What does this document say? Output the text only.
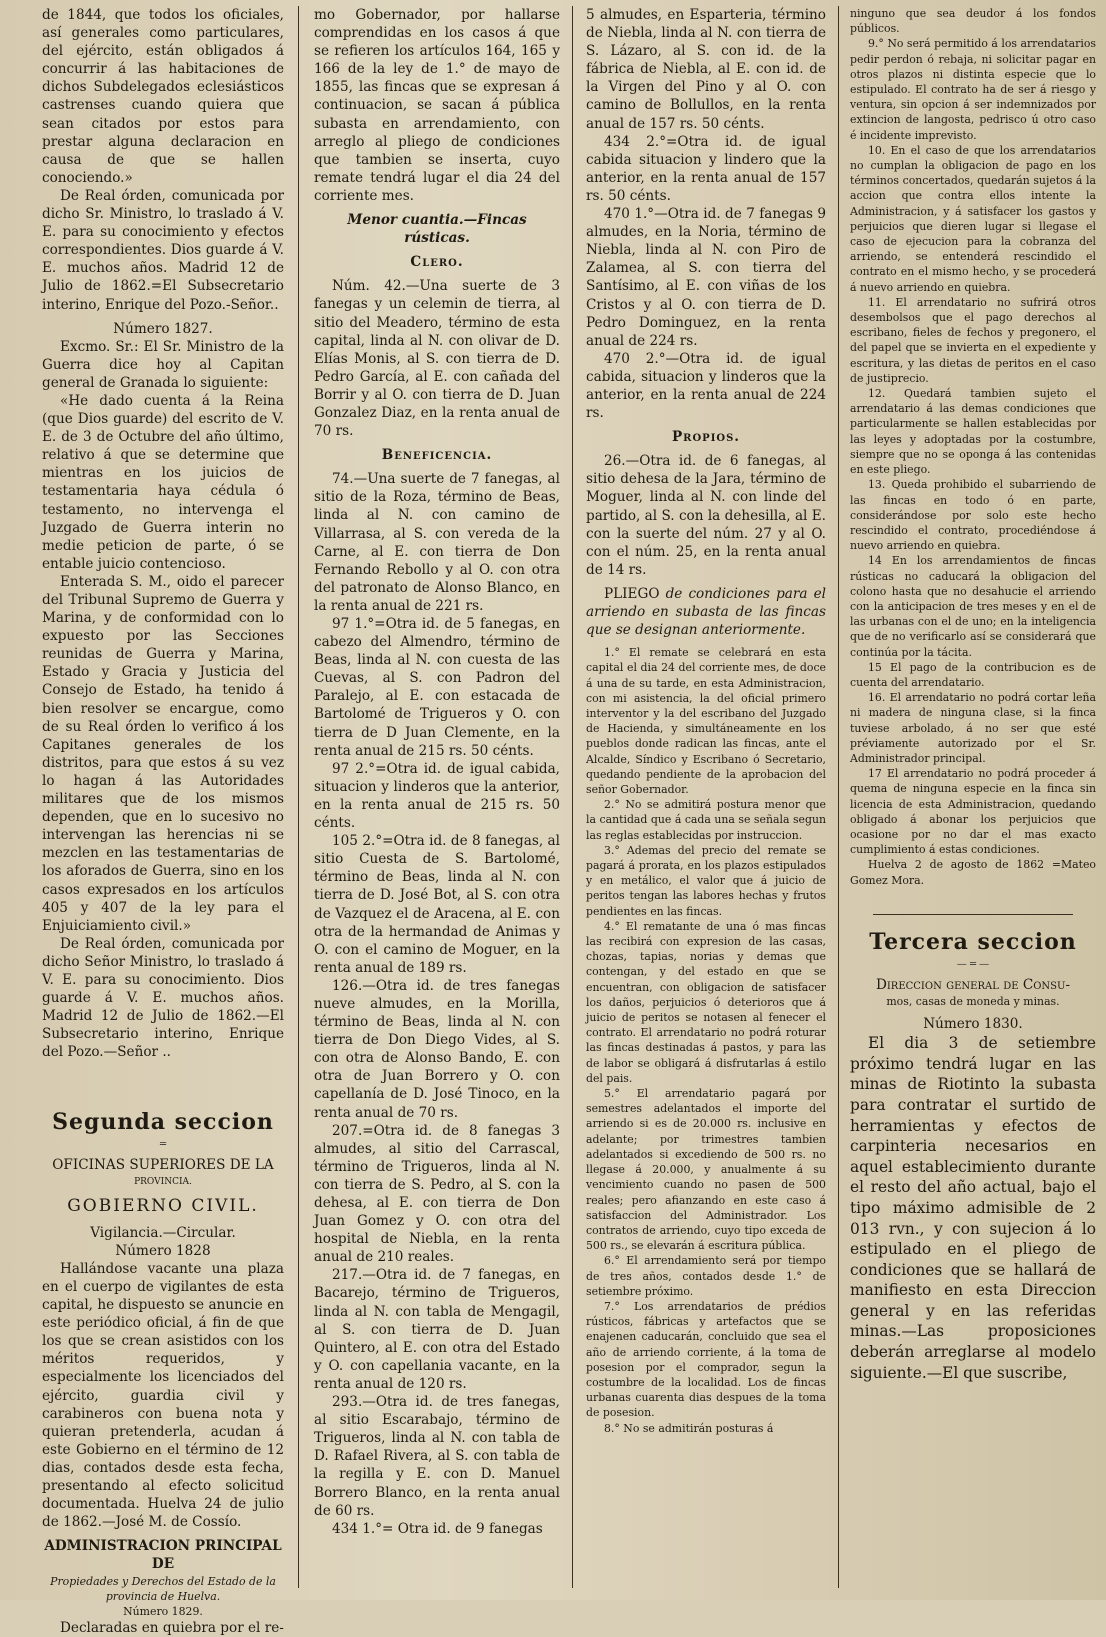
de 1844, que todos los oficiales, así generales como particulares, del ejército, están obligados á concurrir á las habitaciones de dichos Subdelegados eclesiásticos castrenses cuando quiera que sean citados por estos para prestar alguna declaracion en causa de que se hallen conociendo.»

De Real órden, comunicada por dicho Sr. Ministro, lo traslado á V. E. para su conocimiento y efectos correspondientes. Dios guarde á V. E. muchos años. Madrid 12 de Julio de 1862.=El Subsecretario interino, Enrique del Pozo.-Señor..

Número 1827.

Excmo. Sr.: El Sr. Ministro de la Guerra dice hoy al Capitan general de Granada lo siguiente:

«He dado cuenta á la Reina (que Dios guarde) del escrito de V. E. de 3 de Octubre del año último, relativo á que se determine que mientras en los juicios de testamentaria haya cédula ó testamento, no intervenga el Juzgado de Guerra interin no medie peticion de parte, ó se entable juicio contencioso.

Enterada S. M., oido el parecer del Tribunal Supremo de Guerra y Marina, y de conformidad con lo expuesto por las Secciones reunidas de Guerra y Marina, Estado y Gracia y Justicia del Consejo de Estado, ha tenido á bien resolver se encargue, como de su Real órden lo verifico á los Capitanes generales de los distritos, para que estos á su vez lo hagan á las Autoridades militares que de los mismos dependen, que en lo sucesivo no intervengan las herencias ni se mezclen en las testamentarias de los aforados de Guerra, sino en los casos expresados en los artículos 405 y 407 de la ley para el Enjuiciamiento civil.»

De Real órden, comunicada por dicho Señor Ministro, lo traslado á V. E. para su conocimiento. Dios guarde á V. E. muchos años. Madrid 12 de Julio de 1862.—El Subsecretario interino, Enrique del Pozo.—Señor ..

Segunda seccion
═

OFICINAS SUPERIORES DE LA

PROVINCIA.

GOBIERNO CIVIL.

Vigilancia.—Circular.

Número 1828

Hallándose vacante una plaza en el cuerpo de vigilantes de esta capital, he dispuesto se anuncie en este periódico oficial, á fin de que los que se crean asistidos con los méritos requeridos, y especialmente los licenciados del ejército, guardia civil y carabineros con buena nota y quieran pretenderla, acudan á este Gobierno en el término de 12 dias, contados desde esta fecha, presentando al efecto solicitud documentada. Huelva 24 de julio de 1862.—José M. de Cossío.

ADMINISTRACION PRINCIPAL DE

Propiedades y Derechos del Estado de la provincia de Huelva.

Número 1829.

Declaradas en quiebra por el re-

mo Gobernador, por hallarse comprendidas en los casos á que se refieren los artículos 164, 165 y 166 de la ley de 1.° de mayo de 1855, las fincas que se expresan á continuacion, se sacan á pública subasta en arrendamiento, con arreglo al pliego de condiciones que tambien se inserta, cuyo remate tendrá lugar el dia 24 del corriente mes.

Menor cuantia.—Fincas rústicas.

Clero.

Núm. 42.—Una suerte de 3 fanegas y un celemin de tierra, al sitio del Meadero, término de esta capital, linda al N. con olivar de D. Elías Monis, al S. con tierra de D. Pedro García, al E. con cañada del Borrir y al O. con tierra de D. Juan Gonzalez Diaz, en la renta anual de 70 rs.

Beneficencia.

74.—Una suerte de 7 fanegas, al sitio de la Roza, término de Beas, linda al N. con camino de Villarrasa, al S. con vereda de la Carne, al E. con tierra de Don Fernando Rebollo y al O. con otra del patronato de Alonso Blanco, en la renta anual de 221 rs.

97 1.°=Otra id. de 5 fanegas, en cabezo del Almendro, término de Beas, linda al N. con cuesta de las Cuevas, al S. con Padron del Paralejo, al E. con estacada de Bartolomé de Trigueros y O. con tierra de D Juan Clemente, en la renta anual de 215 rs. 50 cénts.

97 2.°=Otra id. de igual cabida, situacion y linderos que la anterior, en la renta anual de 215 rs. 50 cénts.

105 2.°=Otra id. de 8 fanegas, al sitio Cuesta de S. Bartolomé, término de Beas, linda al N. con tierra de D. José Bot, al S. con otra de Vazquez el de Aracena, al E. con otra de la hermandad de Animas y O. con el camino de Moguer, en la renta anual de 189 rs.

126.—Otra id. de tres fanegas nueve almudes, en la Morilla, término de Beas, linda al N. con tierra de Don Diego Vides, al S. con otra de Alonso Bando, E. con otra de Juan Borrero y O. con capellanía de D. José Tinoco, en la renta anual de 70 rs.

207.=Otra id. de 8 fanegas 3 almudes, al sitio del Carrascal, término de Trigueros, linda al N. con tierra de S. Pedro, al S. con la dehesa, al E. con tierra de Don Juan Gomez y O. con otra del hospital de Niebla, en la renta anual de 210 reales.

217.—Otra id. de 7 fanegas, en Bacarejo, término de Trigueros, linda al N. con tabla de Mengagil, al S. con tierra de D. Juan Quintero, al E. con otra del Estado y O. con capellania vacante, en la renta anual de 120 rs.

293.—Otra id. de tres fanegas, al sitio Escarabajo, término de Trigueros, linda al N. con tabla de D. Rafael Rivera, al S. con tabla de la regilla y E. con D. Manuel Borrero Blanco, en la renta anual de 60 rs.

434 1.°= Otra id. de 9 fanegas

5 almudes, en Esparteria, término de Niebla, linda al N. con tierra de S. Lázaro, al S. con id. de la fábrica de Niebla, al E. con id. de la Virgen del Pino y al O. con camino de Bollullos, en la renta anual de 157 rs. 50 cénts.

434 2.°=Otra id. de igual cabida situacion y lindero que la anterior, en la renta anual de 157 rs. 50 cénts.

470 1.°—Otra id. de 7 fanegas 9 almudes, en la Noria, término de Niebla, linda al N. con Piro de Zalamea, al S. con tierra del Santísimo, al E. con viñas de los Cristos y al O. con tierra de D. Pedro Dominguez, en la renta anual de 224 rs.

470 2.°—Otra id. de igual cabida, situacion y linderos que la anterior, en la renta anual de 224 rs.

Propios.

26.—Otra id. de 6 fanegas, al sitio dehesa de la Jara, término de Moguer, linda al N. con linde del partido, al S. con la dehesilla, al E. con la suerte del núm. 27 y al O. con el núm. 25, en la renta anual de 14 rs.

PLIEGO de condiciones para el arriendo en subasta de las fincas que se designan anteriormente.

1.° El remate se celebrará en esta capital el dia 24 del corriente mes, de doce á una de su tarde, en esta Administracion, con mi asistencia, la del oficial primero interventor y la del escribano del Juzgado de Hacienda, y simultáneamente en los pueblos donde radican las fincas, ante el Alcalde, Síndico y Escribano ó Secretario, quedando pendiente de la aprobacion del señor Gobernador.

2.° No se admitirá postura menor que la cantidad que á cada una se señala segun las reglas establecidas por instruccion.

3.° Ademas del precio del remate se pagará á prorata, en los plazos estipulados y en metálico, el valor que á juicio de peritos tengan las labores hechas y frutos pendientes en las fincas.

4.° El rematante de una ó mas fincas las recibirá con expresion de las casas, chozas, tapias, norias y demas que contengan, y del estado en que se encuentran, con obligacion de satisfacer los daños, perjuicios ó deterioros que á juicio de peritos se notasen al fenecer el contrato. El arrendatario no podrá roturar las fincas destinadas á pastos, y para las de labor se obligará á disfrutarlas á estilo del pais.

5.° El arrendatario pagará por semestres adelantados el importe del arriendo si es de 20.000 rs. inclusive en adelante; por trimestres tambien adelantados si excediendo de 500 rs. no llegase á 20.000, y anualmente á su vencimiento cuando no pasen de 500 reales; pero afianzando en este caso á satisfaccion del Administrador. Los contratos de arriendo, cuyo tipo exceda de 500 rs., se elevarán á escritura pública.

6.° El arrendamiento será por tiempo de tres años, contados desde 1.° de setiembre próximo.

7.° Los arrendatarios de prédios rústicos, fábricas y artefactos que se enajenen caducarán, concluido que sea el año de arriendo corriente, á la toma de posesion por el comprador, segun la costumbre de la localidad. Los de fincas urbanas cuarenta dias despues de la toma de posesion.

8.° No se admitirán posturas á

ninguno que sea deudor á los fondos públicos.

9.° No será permitido á los arrendatarios pedir perdon ó rebaja, ni solicitar pagar en otros plazos ni distinta especie que lo estipulado. El contrato ha de ser á riesgo y ventura, sin opcion á ser indemnizados por extincion de langosta, pedrisco ú otro caso é incidente imprevisto.

10. En el caso de que los arrendatarios no cumplan la obligacion de pago en los términos concertados, quedarán sujetos á la accion que contra ellos intente la Administracion, y á satisfacer los gastos y perjuicios que dieren lugar si llegase el caso de ejecucion para la cobranza del arriendo, se entenderá rescindido el contrato en el mismo hecho, y se procederá á nuevo arriendo en quiebra.

11. El arrendatario no sufrirá otros desembolsos que el pago derechos al escribano, fieles de fechos y pregonero, el del papel que se invierta en el expediente y escritura, y las dietas de peritos en el caso de justiprecio.

12. Quedará tambien sujeto el arrendatario á las demas condiciones que particularmente se hallen establecidas por las leyes y adoptadas por la costumbre, siempre que no se oponga á las contenidas en este pliego.

13. Queda prohibido el subarriendo de las fincas en todo ó en parte, considerándose por solo este hecho rescindido el contrato, procediéndose á nuevo arriendo en quiebra.

14 En los arrendamientos de fincas rústicas no caducará la obligacion del colono hasta que no desahucie el arriendo con la anticipacion de tres meses y en el de las urbanas con el de uno; en la inteligencia que de no verificarlo así se considerará que continúa por la tácita.

15 El pago de la contribucion es de cuenta del arrendatario.

16. El arrendatario no podrá cortar leña ni madera de ninguna clase, si la finca tuviese arbolado, á no ser que esté préviamente autorizado por el Sr. Administrador principal.

17 El arrendatario no podrá proceder á quema de ninguna especie en la finca sin licencia de esta Administracion, quedando obligado á abonar los perjuicios que ocasione por no dar el mas exacto cumplimiento á estas condiciones.

Huelva 2 de agosto de 1862 =Mateo Gomez Mora.

Tercera seccion
— ═ —

Direccion general de Consu-

mos, casas de moneda y minas.

Número 1830.

El dia 3 de setiembre próximo tendrá lugar en las minas de Riotinto la subasta para contratar el surtido de herramientas y efectos de carpinteria necesarios en aquel establecimiento durante el resto del año actual, bajo el tipo máximo admisible de 2 013 rvn., y con sujecion á lo estipulado en el pliego de condiciones que se hallará de manifiesto en esta Direccion general y en las referidas minas.—Las proposiciones deberán arreglarse al modelo siguiente.—El que suscribe,
